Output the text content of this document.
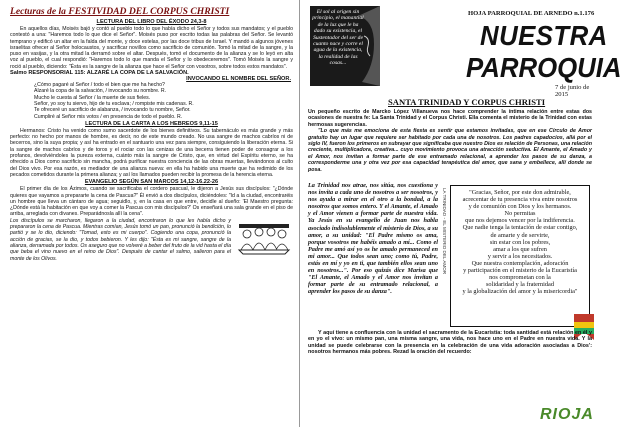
Lecturas de la FESTIVIDAD DEL CORPUS CHRISTI
LECTURA DEL LIBRO DEL ÉXODO 24,3-8

En aquellos días, Moisés bajó y contó al pueblo todo lo que había dicho el Señor y todos sus mandatos; y el pueblo contestó a una: "Haremos todo lo que dice el Señor". Moisés puso por escrito todas las palabras del Señor. Se levantó temprano y edificó un altar en la falda del monte, y doce estelas, por las doce tribus de Israel. Y mandó a algunos jóvenes israelitas ofrecer al Señor holocaustos, y sacrificar novillos como sacrificio de comunión. Tomó la mitad de la sangre, y la puso en vasijas, y la otra mitad la derramó sobre el altar. Después, tomó el documento de la alianza y se lo leyó en alta voz al pueblo, el cual respondió: "Haremos todo lo que manda el Señor y lo obedeceremos". Tomó Moisés la sangre y roció al pueblo, diciendo: "Ésta es la sangre de la alianza que hace el Señor con vosotros, sobre todos estos mandatos".

Salmo RESPONSORIAL 115: ALZARÉ LA COPA DE LA SALVACIÓN.
INVOCANDO EL NOMBRE DEL SEÑOR.
¿Cómo pagaré al Señor / todo el bien que me ha hecho?
Alzaré la copa de la salvación, / invocando su nombre. R.
Mucho le cuesta al Señor / la muerte de sus fieles.
Señor, yo soy tu siervo, hijo de tu esclava; / rompiste mis cadenas. R.
Te ofreceré un sacrificio de alabanza, / invocando tu nombre, Señor.
Cumpliré al Señor mis votos / en presencia de todo el pueblo. R.
LECTURA DE LA CARTA A LOS HEBREOS 9,11-15

Hermanos: Cristo ha venido como sumo sacerdote de los bienes definitivos. Su tabernáculo es más grande y más perfecto: no hecho por manos de hombre, es decir, no de este mundo creado. No usa sangre de machos cabríos ni de becerros, sino la suya propia; y así ha entrado en el santuario una vez para siempre, consiguiendo la liberación eterna. Si la sangre de machos cabríos y de toros y el rociar con las cenizas de una becerra tienen poder de consagrar a los profanos, devolviéndoles la pureza externa, cuánto más la sangre de Cristo, que, en virtud del Espíritu eterno, se ha ofrecido a Dios como sacrificio sin mancha, podrá purificar nuestra conciencia de las obras muertas, llevándonos al culto del Dios vivo. Por esa razón, es mediador de una alianza nueva: en ella ha habido una muerte que ha redimido de los pecados cometidos durante la primera alianza; y así los llamados pueden recibir la promesa de la herencia eterna.

EVANGELIO SEGÚN SAN MARCOS 14,12-16.22-26

El primer día de los Ázimos, cuando se sacrificaba el cordero pascual, le dijeron a Jesús sus discípulos: "¿Dónde quieres que vayamos a prepararte la cena de Pascua?" Él envió a dos discípulos, diciéndoles: "Id a la ciudad, encontraréis un hombre que lleva un cántaro de agua; seguidlo, y, en la casa en que entre, decidle al dueño: 'El Maestro pregunta: ¿Dónde está la habitación en que voy a comer la Pascua con mis discípulos?' Os enseñará una sala grande en el piso de arriba, arreglada con divanes. Preparádnosla allí la cena".

Los discípulos se marcharon, llegaron a la ciudad, encontraron lo que les había dicho y prepararon la cena de Pascua. Mientras comían, Jesús tomó un pan, pronunció la bendición, lo partió y se lo dio, diciendo: "Tomad, esto es mi cuerpo". Cogiendo una copa, pronunció la acción de gracias, se la dio, y todos bebieron. Y les dijo: "Ésta es mi sangre, sangre de la alianza, derramada por todos. Os aseguro que no volveré a beber del fruto de la vid hasta el día que beba el vino nuevo en el reino de Dios". Después de cantar el salmo, salieron para el monte de los Olivos.

El sol al origen sin principio, el manantial de la luz que le ha dado su existencia, el Sustentador del ser de cuanto nace y corre el agua de la existencia, la realidad de las cosas...
HOJA PARROQUIAL DE ARNEDO n.1.176
NUESTRA
PARROQUIA
7 de junio de 2015
SANTA TRINIDAD Y CORPUS CHRISTI

Un pequeño escrito de Marcko López Villanueva nos hace comprender la íntima relación entre estas dos ocasiones de nuestra fe: La Santa Trinidad y el Corpus Christi. Ella comenta el misterio de la Trinidad con estas hermosas sugerencias.

"Lo que más me emociona de esta fiesta es sentir que estamos invitadas, que en ese Círculo de Amor gratuito hay un lugar que requiere ser habitado por cada una de nosotros. Los padres capadocios, allá por el siglo IV, fueron los primeros en subrayar que significaba que nuestro Dios es relación de Personas, una relación creciente, multiplicadora, creativa... cuyo movimiento provoca una atracción seductiva. El Amante, el Amado y el Amor, nos invitan a formar parte de ese entramado relacional, a aprender los pasos de su danza, a corresponderme una y otra vez por esa capacidad terapéutica del amor, que sana y embellece, allí donde se posa.

La Trinidad nos atrae, nos sitúa, nos cuestiona y nos invita a cada uno de nosotros a ser nosotros, y nos ayuda a mirar en el otro a la bondad, a la nosotros que somos entero. Y el Amante, el Amado y el Amor vienen a formar parte de nuestra vida. Ya Jesús en su evangelio de Juan nos habla asociado indisolublemente el misterio de Dios, a su amor, a su unidad: "El Padre mismo os ama, porque vosotros me habéis amado a mí... Como el Padre me amó así yo os he amado permaneced en mi amor... Que todos sean uno; como tú, Padre, estás en mí y yo en ti, que también ellos sean uno en nosotros...". Por eso quizás dice Marisa que "El Amante, el Amado y el Amor nos invitan a formar parte de su entramado relacional, a aprender los pasos de su danza".

LA TRINIDAD - EL MISTERIO DEL AMOR	"Gracias, Señor, por este don admirable,

acrecentar de tu presencia viva entre nosotros

y de comunión con Dios y los hermanos.

No permitas

que nos dejemos vencer por la indiferencia.

Que nadie tenga la tentación de estar contigo,

de amarte y de servirte,

sin estar con los pobres,

amar a los que sufren

y servir a los necesitados.

Que nuestra contemplación, adoración

y participación en el misterio de la Eucaristía

nos comprometan con la

solidaridad y la fraternidad

y la globalización del amor y la misericordia"

Y aquí tiene a confluencia con la unidad el sacramento de la Eucaristía: toda santidad está relación en él y en yo el vivo: un mismo pan, una misma sangre, una vida, nos hace uno en el Padre en nuestra vida. Y la unidad se puede celebrarse con la presencia en la celebración de una vida adoración asociadas a Dios': nosotros hermanos más pobres. Rezad la oración del recuerdo:

RIOJA
